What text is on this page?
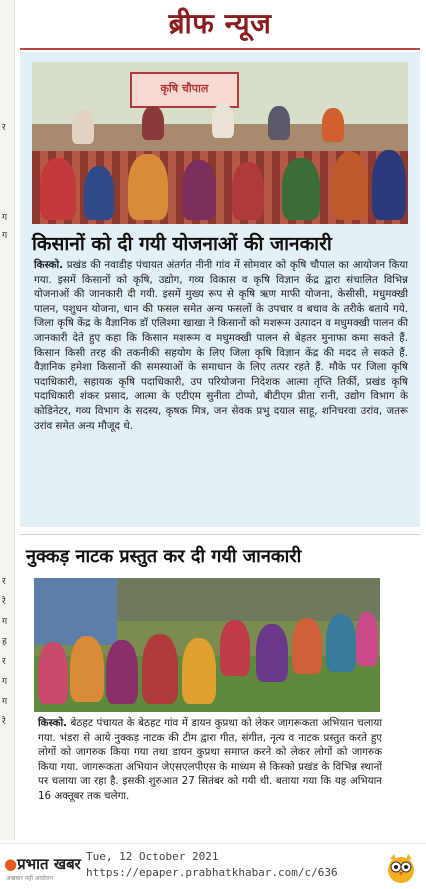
र
ग
ग
र
रे
ग
ह
र
ग
ग
रे
ब्रीफ न्यूज
कृषि चौपाल
किसानों को दी गयी योजनाओं की जानकारी
किस्को. प्रखंड की नवाडीह पंचायत अंतर्गत नीनी गांव में सोमवार को कृषि चौपाल का आयोजन किया गया. इसमें किसानों को कृषि, उद्योग, गव्य विकास व कृषि विज्ञान केंद्र द्वारा संचालित विभिन्न योजनाओं की जानकारी दी गयी. इसमें मुख्य रूप से कृषि ऋण माफी योजना, केसीसी, मधुमक्खी पालन, पशुधन योजना, धान की फसल समेत अन्य फसलों के उपचार व बचाव के तरीके बताये गये. जिला कृषि केंद्र के वैज्ञानिक डॉ एलिश्मा खाखा ने किसानों को मशरूम उत्पादन व मधुमक्खी पालन की जानकारी देते हुए कहा कि किसान मशरूम व मधुमक्खी पालन से बेहतर मुनाफा कमा सकते हैं. किसान किसी तरह की तकनीकी सहयोग के लिए जिला कृषि विज्ञान केंद्र की मदद ले सकते हैं. वैज्ञानिक हमेशा किसानों की समस्याओं के समाधान के लिए तत्पर रहते हैं. मौके पर जिला कृषि पदाधिकारी, सहायक कृषि पदाधिकारी, उप परियोजना निदेशक आत्मा तृप्ति तिर्की, प्रखंड कृषि पदाधिकारी शंकर प्रसाद, आत्मा के एटीएम सुनीता टोप्पो, बीटीएम प्रीता रानी, उद्योग विभाग के कोडिनेटर, गव्य विभाग के सदस्य, कृषक मित्र, जन सेवक प्रभु दयाल साहू, शनिचरवा उरांव, जतरू उरांव समेत अन्य मौजूद थे.
नुक्कड़ नाटक प्रस्तुत कर दी गयी जानकारी
किस्को. बेठहट पंचायत के बेठहट गांव में डायन कुप्रथा को लेकर जागरूकता अभियान चलाया गया. भंडरा से आये नुक्कड़ नाटक की टीम द्वारा गीत, संगीत, नृत्य व नाटक प्रस्तुत करते हुए लोगों को जागरुक किया गया तथा डायन कुप्रथा समाप्त करने को लेकर लोगों को जागरुक किया गया. जागरूकता अभियान जेएसएलपीएस के माध्यम से किस्को प्रखंड के विभिन्न स्थानों पर चलाया जा रहा है. इसकी शुरुआत 27 सितंबर को गयी थी. बताया गया कि यह अभियान 16 अक्तूबर तक चलेगा.
●प्रभात खबर
अखबार नहीं आंदोलन
Tue, 12 October 2021
https://epaper.prabhatkhabar.com/c/636
